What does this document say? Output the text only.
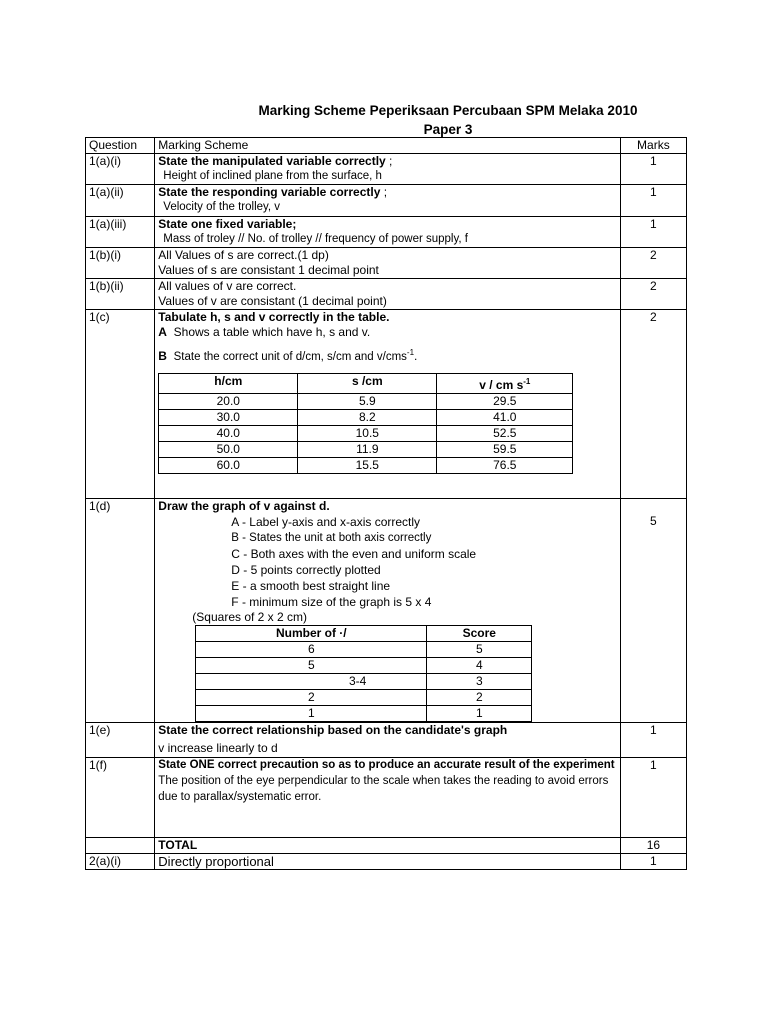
Marking Scheme Peperiksaan Percubaan SPM Melaka 2010
Paper 3
Question	Marking Scheme	Marks
1(a)(i)	State the manipulated variable correctly ;
Height of inclined plane from the surface, h
	1
1(a)(ii)	State the responding variable correctly ;
Velocity of the trolley, v
	1
1(a)(iii)	State one fixed variable;
Mass of troley // No. of trolley // frequency of power supply, f
	1
1(b)(i)	All Values of s are correct.(1 dp)
Values of s are consistant 1 decimal point
	2
1(b)(ii)	All values of v are correct.
Values of v are consistant (1 decimal point)
	2
1(c)	Tabulate h, s and v correctly in the table.
A Shows a table which have h, s and v.
B State the correct unit of d/cm, s/cm and v/cms$^{-1}$.
h/cm	s /cm	v / cm $s^{-1}$
20.0	5.9	29.5
30.0	8.2	41.0
40.0	10.5	52.5
50.0	11.9	59.5
60.0	15.5	76.5
	2
1(d)	Draw the graph of v against d.
A - Label y-axis and x-axis correctly
B - States the unit at both axis correctly
C - Both axes with the even and uniform scale
D - 5 points correctly plotted
E - a smooth best straight line
F - minimum size of the graph is 5 x 4
(Squares of 2 x 2 cm)
Number of ·/	Score
6	5
5	4
3-4	3
2	2
1	1

5

1(e)	State the correct relationship based on the candidate's graph
v increase linearly to d
	1
1(f)	State ONE correct precaution so as to produce an accurate result of the experiment
The position of the eye perpendicular to the scale when takes the reading to avoid errors due to parallax/systematic error.
	1
	TOTAL	16
2(a)(i)	Directly proportional	1
